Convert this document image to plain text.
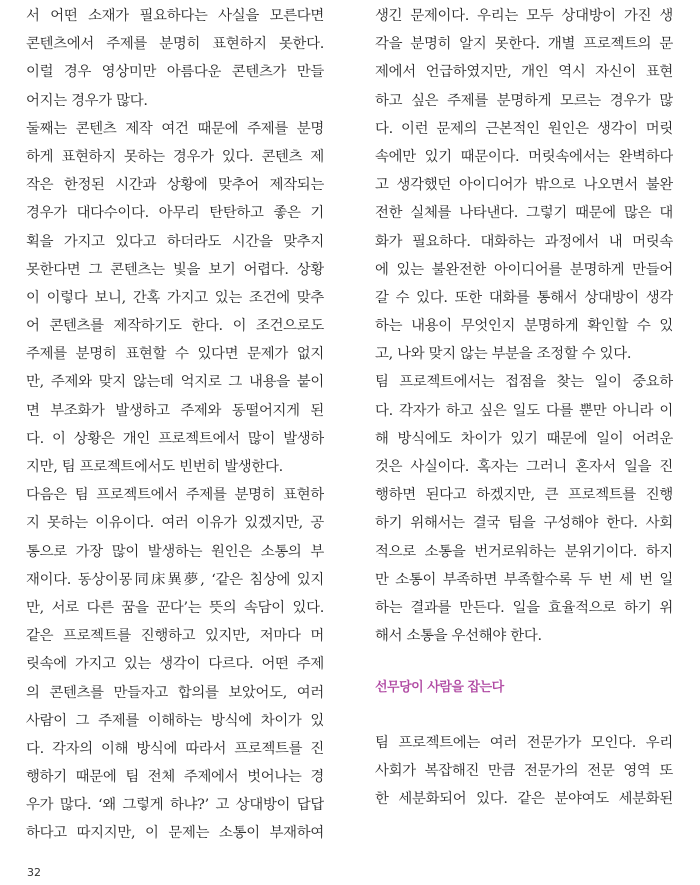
서 어떤 소재가 필요하다는 사실을 모른다면
콘텐츠에서 주제를 분명히 표현하지 못한다.
이럴 경우 영상미만 아름다운 콘텐츠가 만들
어지는 경우가 많다.
둘째는 콘텐츠 제작 여건 때문에 주제를 분명
하게 표현하지 못하는 경우가 있다. 콘텐츠 제
작은 한정된 시간과 상황에 맞추어 제작되는
경우가 대다수이다. 아무리 탄탄하고 좋은 기
획을 가지고 있다고 하더라도 시간을 맞추지
못한다면 그 콘텐츠는 빛을 보기 어렵다. 상황
이 이렇다 보니, 간혹 가지고 있는 조건에 맞추
어 콘텐츠를 제작하기도 한다. 이 조건으로도
주제를 분명히 표현할 수 있다면 문제가 없지
만, 주제와 맞지 않는데 억지로 그 내용을 붙이
면 부조화가 발생하고 주제와 동떨어지게 된
다. 이 상황은 개인 프로젝트에서 많이 발생하
지만, 팀 프로젝트에서도 빈번히 발생한다.
다음은 팀 프로젝트에서 주제를 분명히 표현하
지 못하는 이유이다. 여러 이유가 있겠지만, 공
통으로 가장 많이 발생하는 원인은 소통의 부
재이다. 동상이몽同床異夢, ‘같은 침상에 있지
만, 서로 다른 꿈을 꾼다’는 뜻의 속담이 있다.
같은 프로젝트를 진행하고 있지만, 저마다 머
릿속에 가지고 있는 생각이 다르다. 어떤 주제
의 콘텐츠를 만들자고 합의를 보았어도, 여러
사람이 그 주제를 이해하는 방식에 차이가 있
다. 각자의 이해 방식에 따라서 프로젝트를 진
행하기 때문에 팀 전체 주제에서 벗어나는 경
우가 많다. ‘왜 그렇게 하냐?’ 고 상대방이 답답
하다고 따지지만, 이 문제는 소통이 부재하여
생긴 문제이다. 우리는 모두 상대방이 가진 생
각을 분명히 알지 못한다. 개별 프로젝트의 문
제에서 언급하였지만, 개인 역시 자신이 표현
하고 싶은 주제를 분명하게 모르는 경우가 많
다. 이런 문제의 근본적인 원인은 생각이 머릿
속에만 있기 때문이다. 머릿속에서는 완벽하다
고 생각했던 아이디어가 밖으로 나오면서 불완
전한 실체를 나타낸다. 그렇기 때문에 많은 대
화가 필요하다. 대화하는 과정에서 내 머릿속
에 있는 불완전한 아이디어를 분명하게 만들어
갈 수 있다. 또한 대화를 통해서 상대방이 생각
하는 내용이 무엇인지 분명하게 확인할 수 있
고, 나와 맞지 않는 부분을 조정할 수 있다.
팀 프로젝트에서는 접점을 찾는 일이 중요하
다. 각자가 하고 싶은 일도 다를 뿐만 아니라 이
해 방식에도 차이가 있기 때문에 일이 어려운
것은 사실이다. 혹자는 그러니 혼자서 일을 진
행하면 된다고 하겠지만, 큰 프로젝트를 진행
하기 위해서는 결국 팀을 구성해야 한다. 사회
적으로 소통을 번거로워하는 분위기이다. 하지
만 소통이 부족하면 부족할수록 두 번 세 번 일
하는 결과를 만든다. 일을 효율적으로 하기 위
해서 소통을 우선해야 한다.
선무당이 사람을 잡는다
팀 프로젝트에는 여러 전문가가 모인다. 우리
사회가 복잡해진 만큼 전문가의 전문 영역 또
한 세분화되어 있다. 같은 분야여도 세분화된
32
